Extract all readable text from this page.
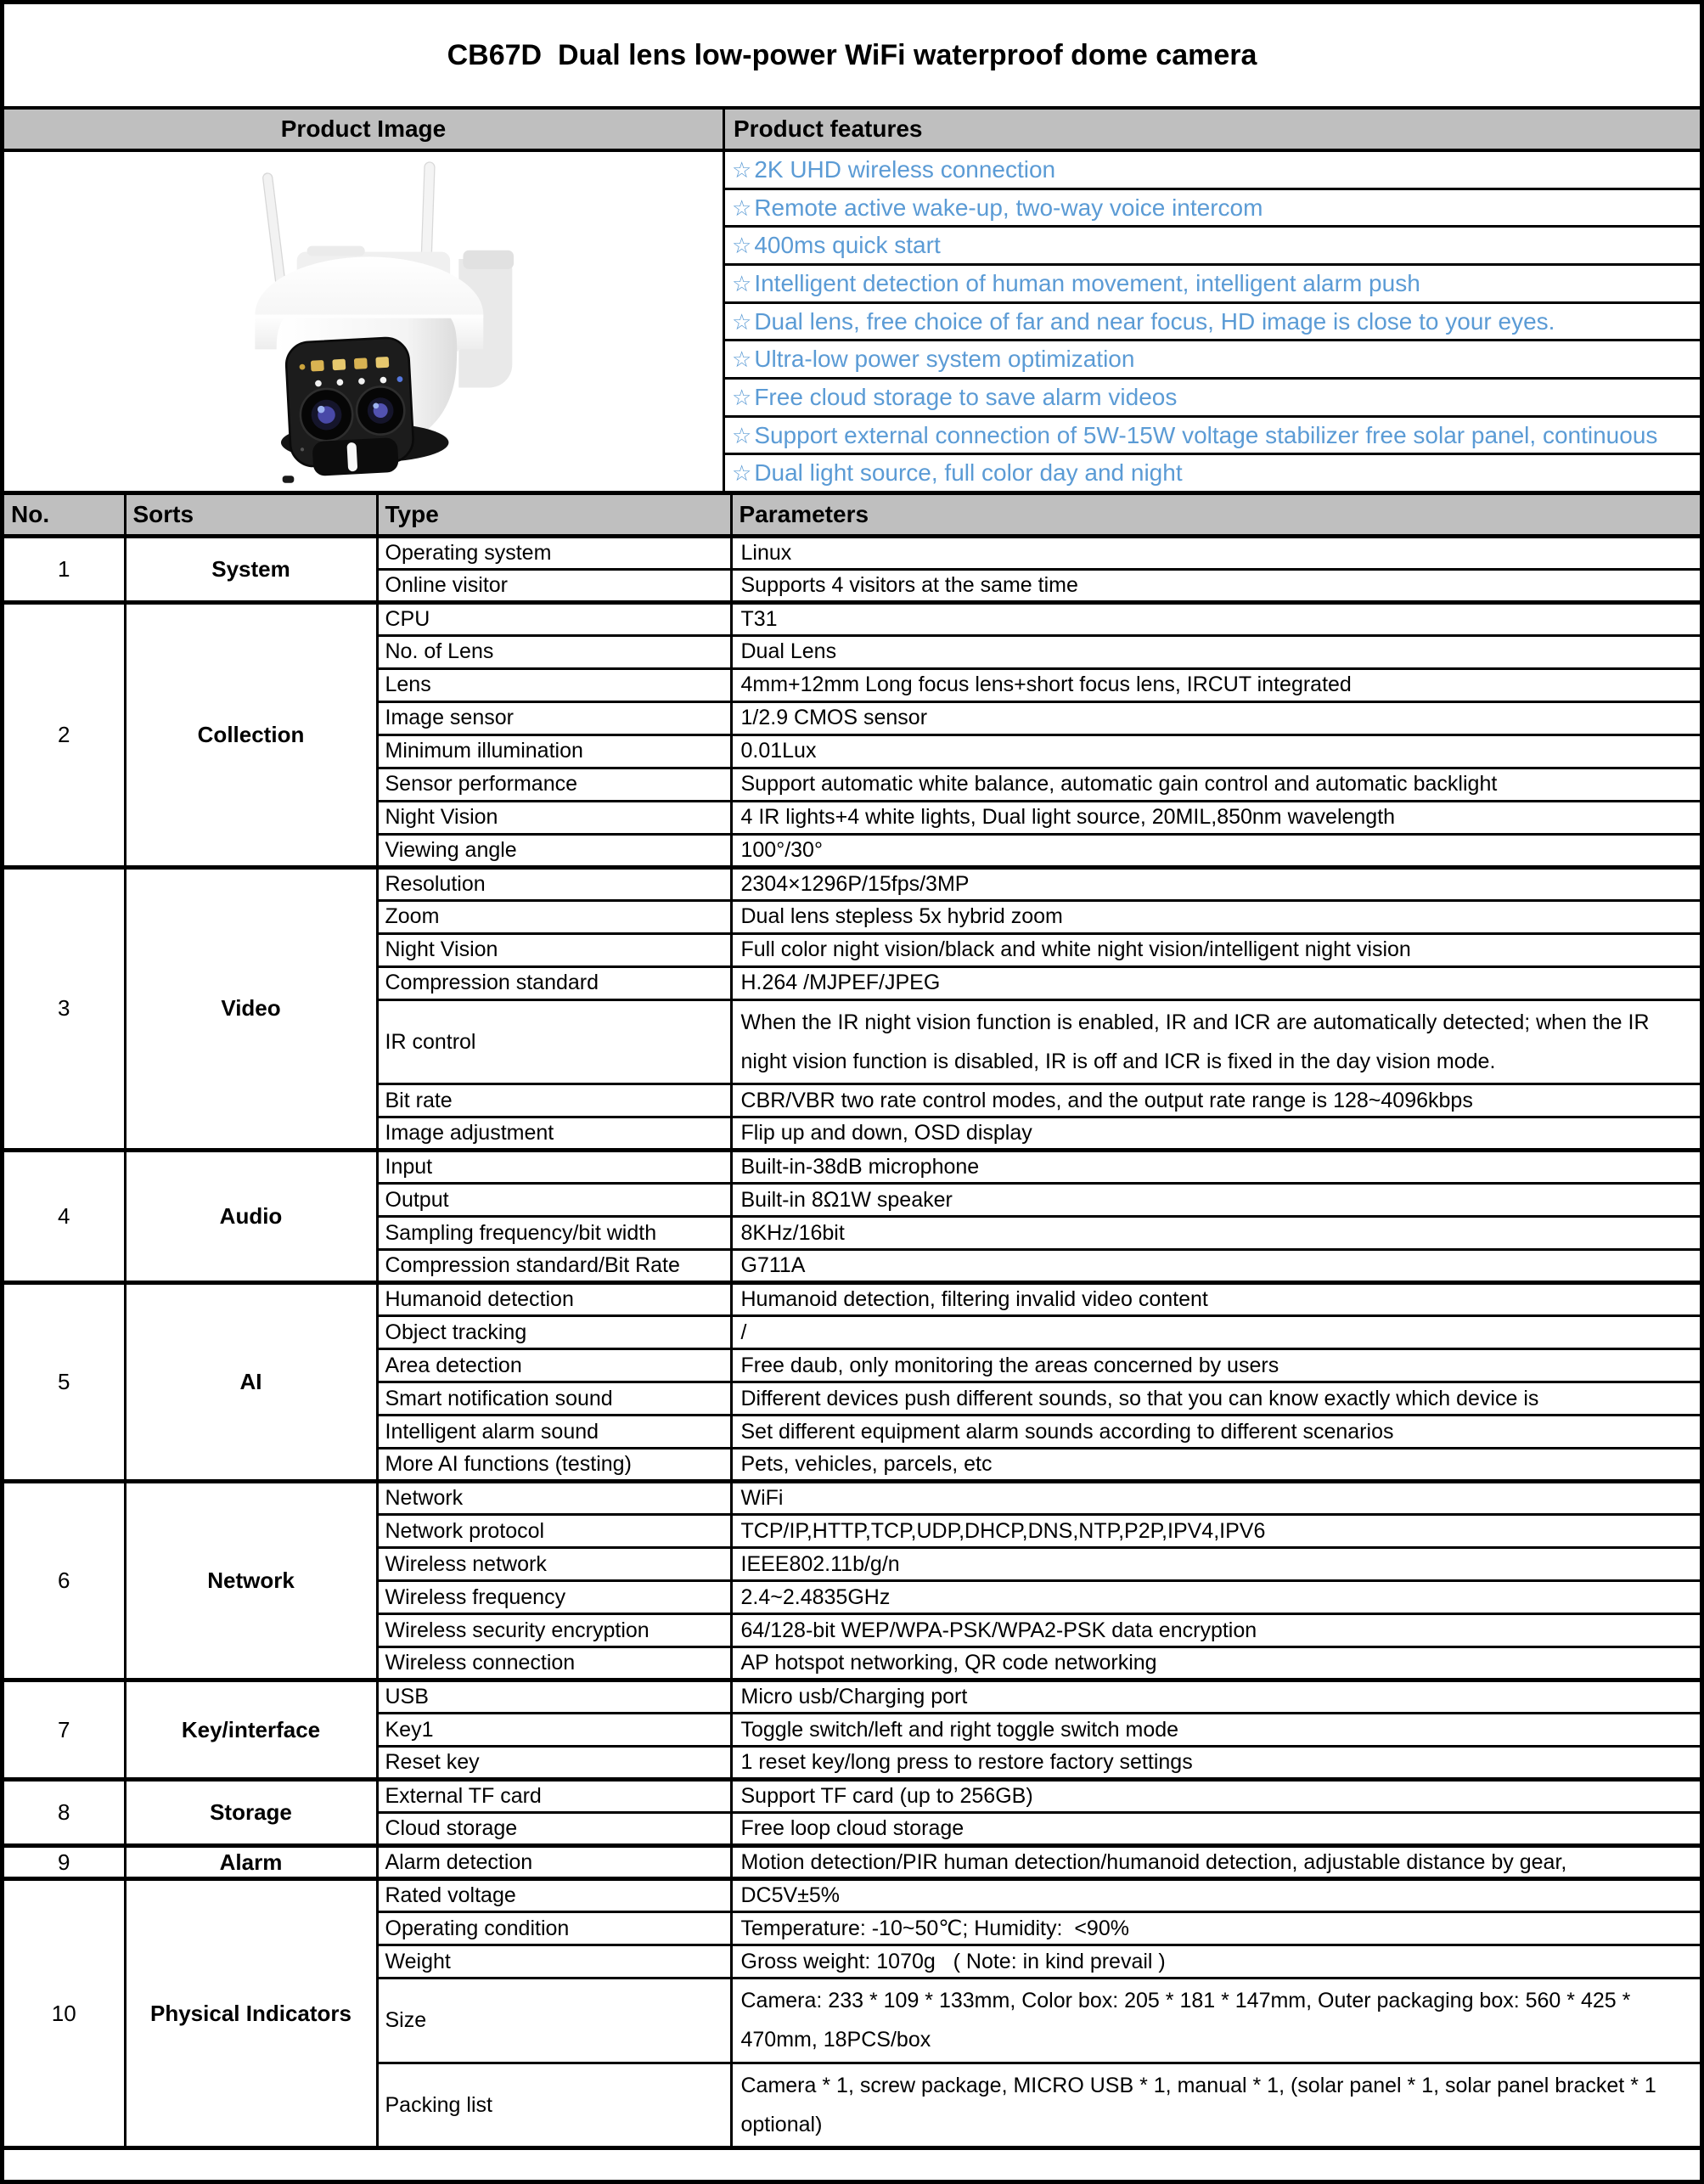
CB67D  Dual lens low-power WiFi waterproof dome camera
Product Image	Product features
☆ 2K UHD wireless connection
☆ Remote active wake-up, two-way voice intercom
☆ 400ms quick start
☆ Intelligent detection of human movement, intelligent alarm push
☆ Dual lens, free choice of far and near focus, HD image is close to your eyes.
☆ Ultra-low power system optimization
☆ Free cloud storage to save alarm videos
☆ Support external connection of 5W-15W voltage stabilizer free solar panel, continuous
☆ Dual light source, full color day and night
No.	Sorts	Type	Parameters
1	System	Operating system	Linux
		Online visitor	Supports 4 visitors at the same time
2	Collection	CPU	T31
		No. of Lens	Dual Lens
		Lens	4mm+12mm Long focus lens+short focus lens, IRCUT integrated
		Image sensor	1/2.9 CMOS sensor
		Minimum illumination	0.01Lux
		Sensor performance	Support automatic white balance, automatic gain control and automatic backlight
		Night Vision	4 IR lights+4 white lights, Dual light source, 20MIL,850nm wavelength
		Viewing angle	100°/30°
3	Video	Resolution	2304×1296P/15fps/3MP
		Zoom	Dual lens stepless 5x hybrid zoom
		Night Vision	Full color night vision/black and white night vision/intelligent night vision
		Compression standard	H.264 /MJPEF/JPEG
		IR control	When the IR night vision function is enabled, IR and ICR are automatically detected; when the IR  night vision function is disabled, IR is off and ICR is fixed in the day vision mode.
		Bit rate	CBR/VBR two rate control modes, and the output rate range is 128~4096kbps
		Image adjustment	Flip up and down, OSD display
4	Audio	Input	Built-in-38dB microphone
		Output	Built-in 8Ω1W speaker
		Sampling frequency/bit width	8KHz/16bit
		Compression standard/Bit Rate	G711A
5	AI	Humanoid detection	Humanoid detection, filtering invalid video content
		Object tracking	/
		Area detection	Free daub, only monitoring the areas concerned by users
		Smart notification sound	Different devices push different sounds, so that you can know exactly which device is
		Intelligent alarm sound	Set different equipment alarm sounds according to different scenarios
		More AI functions (testing)	Pets, vehicles, parcels, etc
6	Network	Network	WiFi
		Network protocol	TCP/IP,HTTP,TCP,UDP,DHCP,DNS,NTP,P2P,IPV4,IPV6
		Wireless network	IEEE802.11b/g/n
		Wireless frequency	2.4~2.4835GHz
		Wireless security encryption	64/128-bit WEP/WPA-PSK/WPA2-PSK data encryption
		Wireless connection	AP hotspot networking, QR code networking
7	Key/interface	USB	Micro usb/Charging port
		Key1	Toggle switch/left and right toggle switch mode
		Reset key	1 reset key/long press to restore factory settings
8	Storage	External TF card	Support TF card (up to 256GB)
		Cloud storage	Free loop cloud storage
9	Alarm	Alarm detection	Motion detection/PIR human detection/humanoid detection, adjustable distance by gear,
10	Physical Indicators	Rated voltage	DC5V±5%
		Operating condition	Temperature: -10~50℃; Humidity:  <90%
		Weight	Gross weight: 1070g   ( Note: in kind prevail )
		Size	Camera: 233 * 109 * 133mm, Color box: 205 * 181 * 147mm, Outer packaging box: 560 * 425 * 470mm, 18PCS/box
		Packing list	Camera * 1, screw package, MICRO USB * 1, manual * 1, (solar panel * 1, solar panel bracket * 1 optional)
